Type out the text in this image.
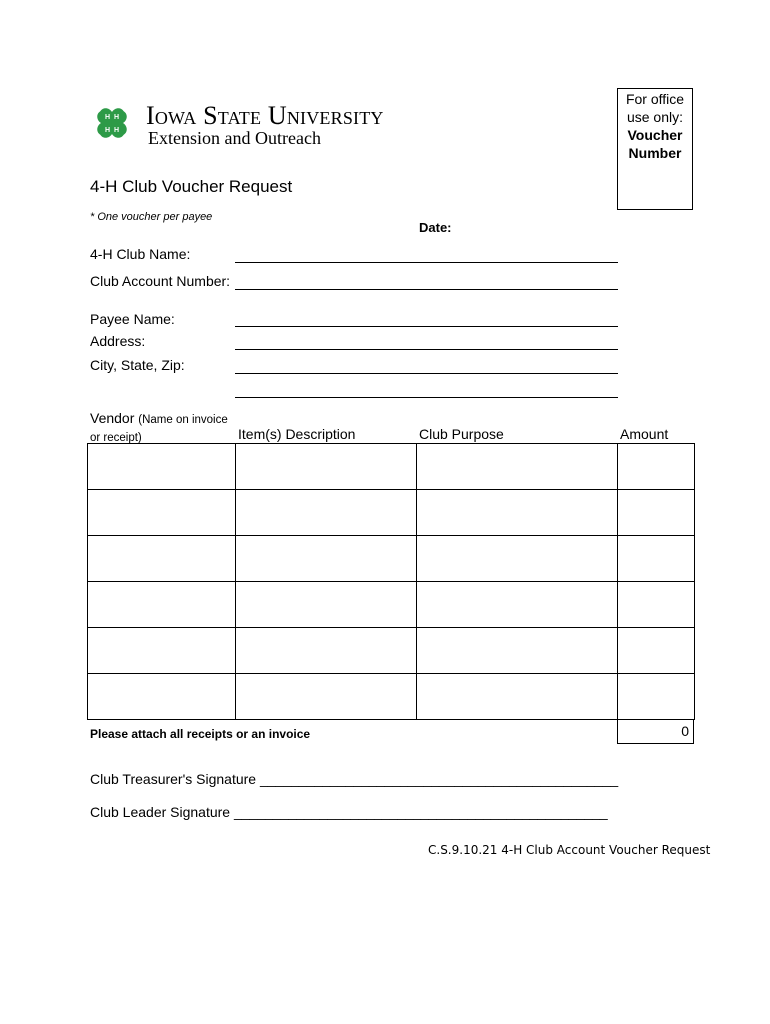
H H
H H
Iowa State University
Extension and Outreach
For office
use only:
Voucher
Number
4-H Club Voucher Request
* One voucher per payee
Date:
4-H Club Name:
Club Account Number:
Payee Name:
Address:
City, State, Zip:
Vendor (Name on invoice
or receipt)	Item(s) Description	Club Purpose	Amount
Please attach all receipts or an invoice	0
Club Treasurer's Signature ______________________________________________
Club Leader Signature ________________________________________________
C.S.9.10.21 4-H Club Account Voucher Request
